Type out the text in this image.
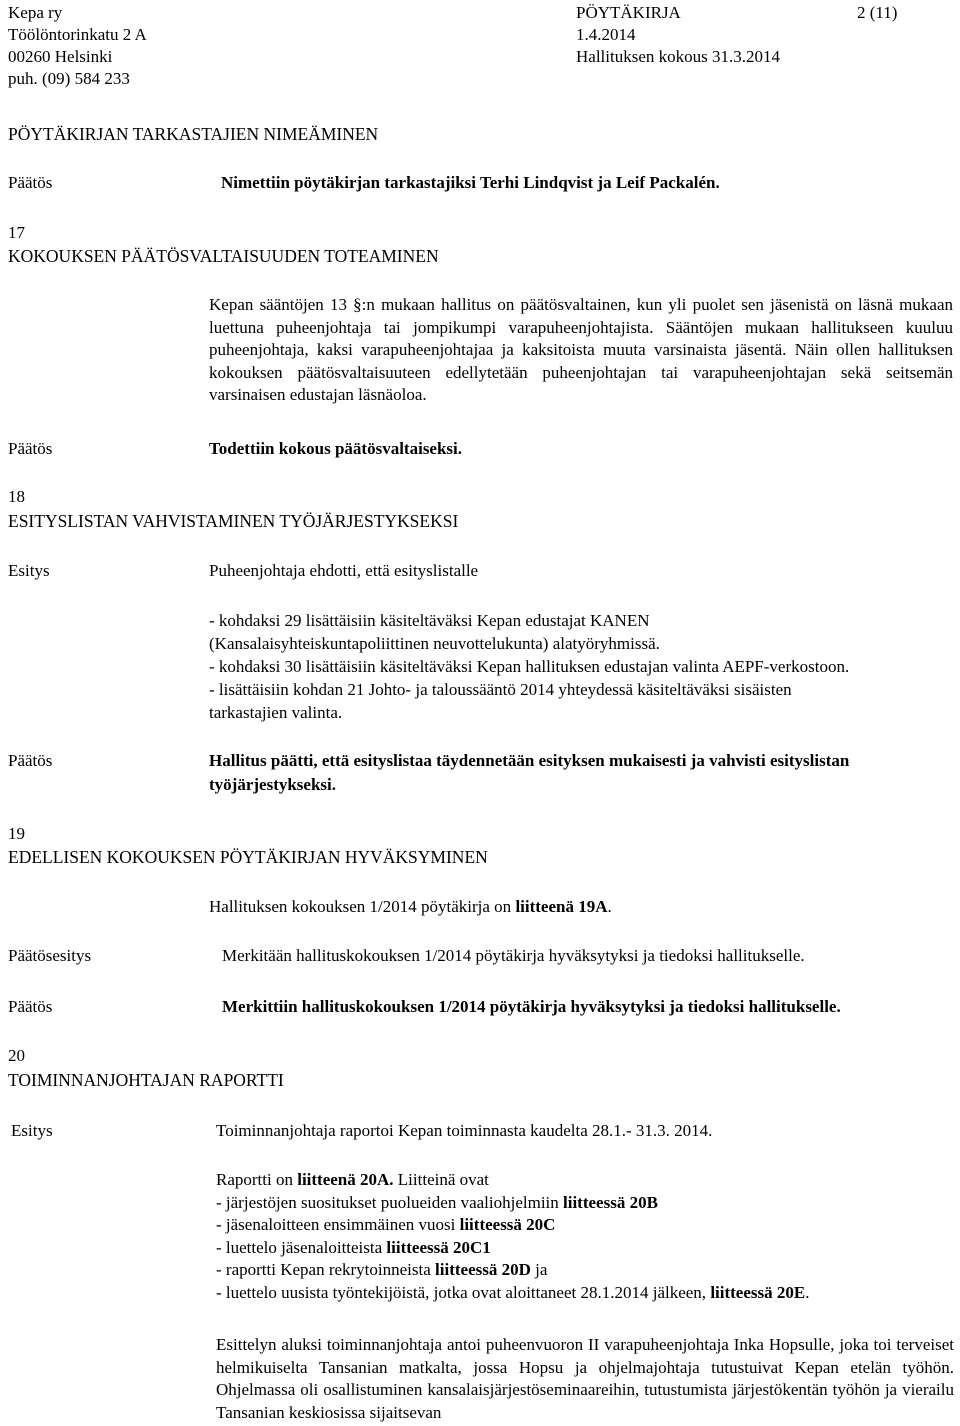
Kepa ry
Töölöntorinkatu 2 A
00260 Helsinki
puh. (09) 584 233
PÖYTÄKIRJA	2 (11)
1.4.2014
Hallituksen kokous 31.3.2014
PÖYTÄKIRJAN TARKASTAJIEN NIMEÄMINEN
Päätös	Nimettiin pöytäkirjan tarkastajiksi Terhi Lindqvist ja Leif Packalén.
17
KOKOUKSEN PÄÄTÖSVALTAISUUDEN TOTEAMINEN

Kepan sääntöjen 13 §:n mukaan hallitus on päätösvaltainen, kun yli puolet sen jäsenistä on läsnä mukaan luettuna puheenjohtaja tai jompikumpi varapuheenjohtajista. Sääntöjen mukaan hallitukseen kuuluu puheenjohtaja, kaksi varapuheenjohtajaa ja kaksitoista muuta varsinaista jäsentä. Näin ollen hallituksen kokouksen päätösvaltaisuuteen edellytetään puheenjohtajan tai varapuheenjohtajan sekä seitsemän varsinaisen edustajan läsnäoloa.

Päätös	Todettiin kokous päätösvaltaiseksi.
18
ESITYSLISTAN VAHVISTAMINEN TYÖJÄRJESTYKSEKSI
Esitys	Puheenjohtaja ehdotti, että esityslistalle
- kohdaksi 29 lisättäisiin käsiteltäväksi Kepan edustajat KANEN
(Kansalaisyhteiskuntapoliittinen neuvottelukunta) alatyöryhmissä.
- kohdaksi 30 lisättäisiin käsiteltäväksi Kepan hallituksen edustajan valinta AEPF-verkostoon.
- lisättäisiin kohdan 21 Johto- ja taloussääntö 2014 yhteydessä käsiteltäväksi sisäisten
tarkastajien valinta.
Päätös	Hallitus päätti, että esityslistaa täydennetään esityksen mukaisesti ja vahvisti esityslistan
työjärjestykseksi.
19
EDELLISEN KOKOUKSEN PÖYTÄKIRJAN HYVÄKSYMINEN
Hallituksen kokouksen 1/2014 pöytäkirja on liitteenä 19A.
Päätösesitys	Merkitään hallituskokouksen 1/2014 pöytäkirja hyväksytyksi ja tiedoksi hallitukselle.
Päätös	Merkittiin hallituskokouksen 1/2014 pöytäkirja hyväksytyksi ja tiedoksi hallitukselle.
20
TOIMINNANJOHTAJAN RAPORTTI
Esitys	Toiminnanjohtaja raportoi Kepan toiminnasta kaudelta 28.1.- 31.3. 2014.
Raportti on liitteenä 20A. Liitteinä ovat
- järjestöjen suositukset puolueiden vaaliohjelmiin liitteessä 20B
- jäsenaloitteen ensimmäinen vuosi liitteessä 20C
- luettelo jäsenaloitteista liitteessä 20C1
- raportti Kepan rekrytoinneista liitteessä 20D ja
- luettelo uusista työntekijöistä, jotka ovat aloittaneet 28.1.2014 jälkeen, liitteessä 20E.

Esittelyn aluksi toiminnanjohtaja antoi puheenvuoron II varapuheenjohtaja Inka Hopsulle, joka toi terveiset helmikuiselta Tansanian matkalta, jossa Hopsu ja ohjelmajohtaja tutustuivat Kepan etelän työhön. Ohjelmassa oli osallistuminen kansalaisjärjestöseminaareihin, tutustumista järjestökentän työhön ja vierailu Tansanian keskiosissa sijaitsevan
